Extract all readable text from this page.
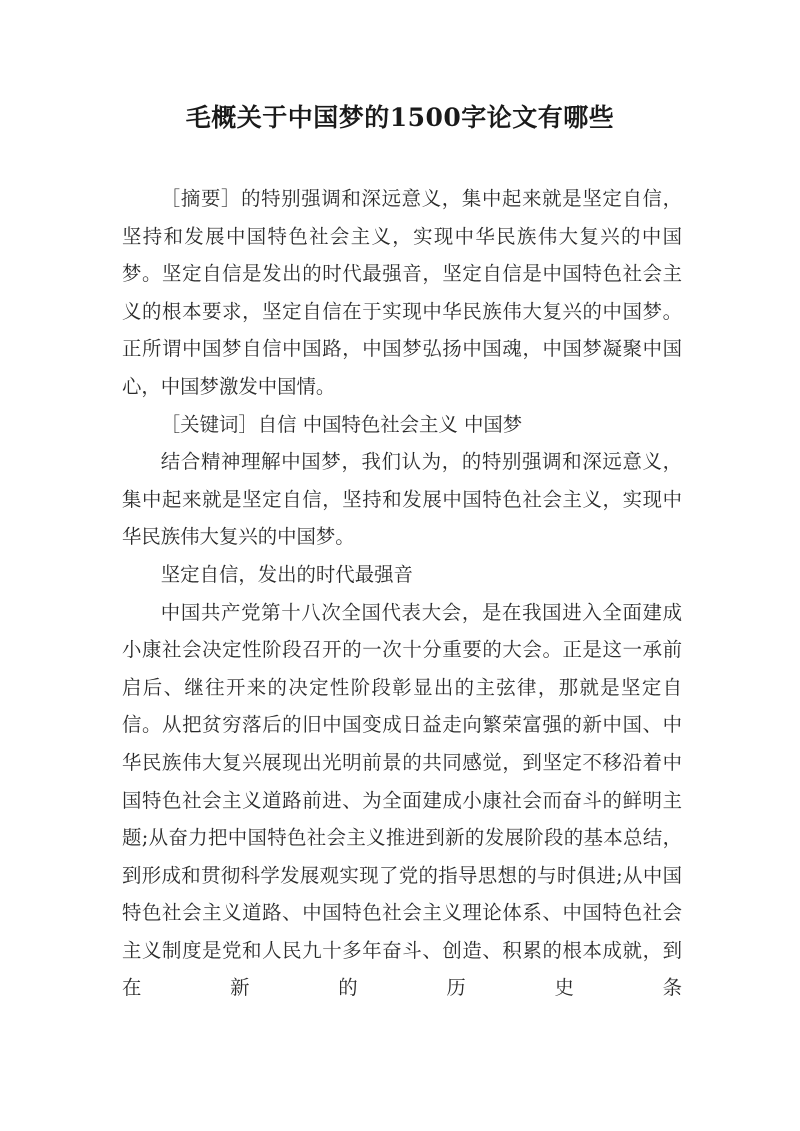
毛概关于中国梦的1500字论文有哪些

［摘要］的特别强调和深远意义，集中起来就是坚定自信，坚持和发展中国特色社会主义，实现中华民族伟大复兴的中国梦。坚定自信是发出的时代最强音，坚定自信是中国特色社会主义的根本要求，坚定自信在于实现中华民族伟大复兴的中国梦。正所谓中国梦自信中国路，中国梦弘扬中国魂，中国梦凝聚中国心，中国梦激发中国情。

［关键词］自信 中国特色社会主义 中国梦

结合精神理解中国梦，我们认为，的特别强调和深远意义，集中起来就是坚定自信，坚持和发展中国特色社会主义，实现中华民族伟大复兴的中国梦。

坚定自信，发出的时代最强音

中国共产党第十八次全国代表大会，是在我国进入全面建成小康社会决定性阶段召开的一次十分重要的大会。正是这一承前启后、继往开来的决定性阶段彰显出的主弦律，那就是坚定自信。从把贫穷落后的旧中国变成日益走向繁荣富强的新中国、中华民族伟大复兴展现出光明前景的共同感觉，到坚定不移沿着中国特色社会主义道路前进、为全面建成小康社会而奋斗的鲜明主题;从奋力把中国特色社会主义推进到新的发展阶段的基本总结，到形成和贯彻科学发展观实现了党的指导思想的与时俱进;从中国特色社会主义道路、中国特色社会主义理论体系、中国特色社会主义制度是党和人民九十多年奋斗、创造、积累的根本成就，到在新的历史条
